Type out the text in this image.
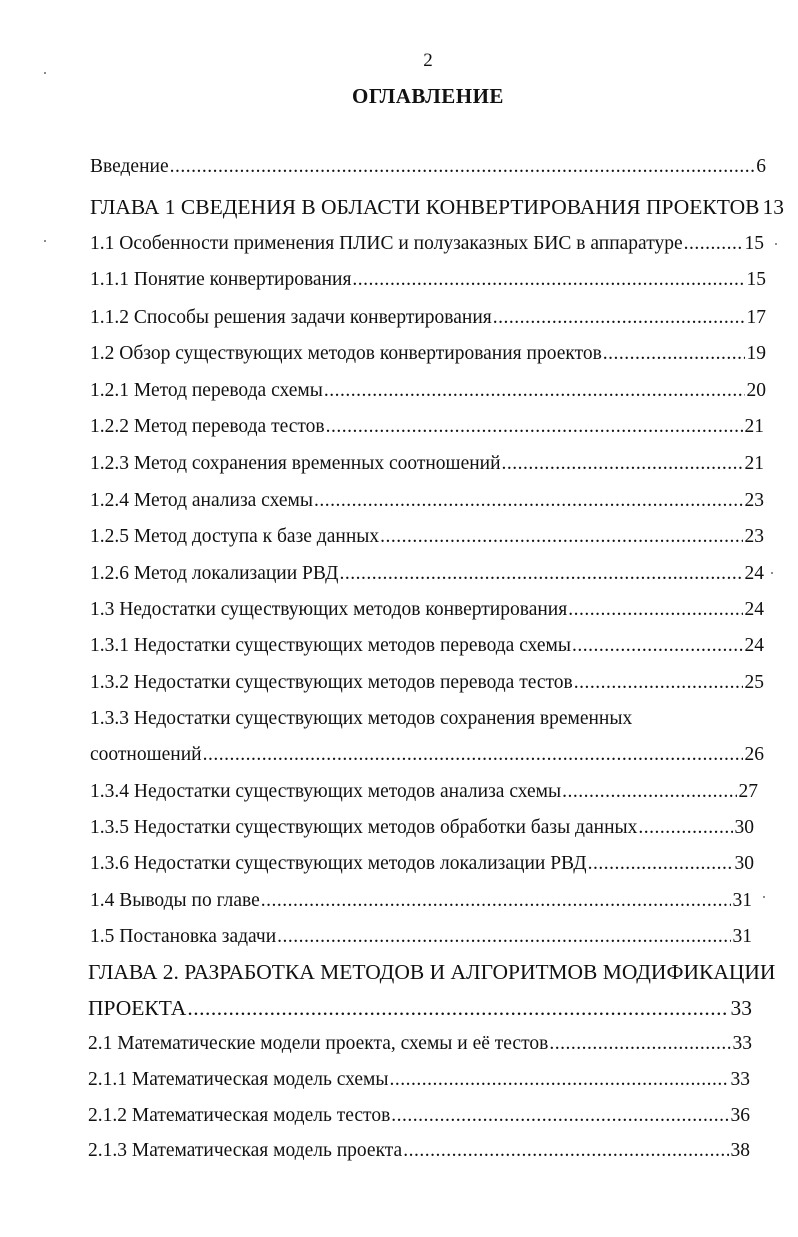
2
ОГЛАВЛЕНИЕ
Введение .....	6
ГЛАВА 1 СВЕДЕНИЯ В ОБЛАСТИ КОНВЕРТИРОВАНИЯ ПРОЕКТОВ 13
1.1 Особенности применения ПЛИС и полузаказных БИС в аппаратуре .....	15
1.1.1 Понятие конвертирования .....	15
1.1.2 Способы решения задачи конвертирования .....	17
1.2 Обзор существующих методов конвертирования проектов .....	19
1.2.1 Метод перевода схемы .....	20
1.2.2 Метод перевода тестов .....	21
1.2.3 Метод сохранения временных соотношений .....	21
1.2.4 Метод анализа схемы .....	23
1.2.5 Метод доступа к базе данных .....	23
1.2.6 Метод локализации РВД .....	24
1.3 Недостатки существующих методов конвертирования .....	24
1.3.1 Недостатки существующих методов перевода схемы .....	24
1.3.2 Недостатки существующих методов перевода тестов .....	25
1.3.3 Недостатки существующих методов сохранения временных
соотношений .....	26
1.3.4 Недостатки существующих методов анализа схемы .....	27
1.3.5 Недостатки существующих методов обработки базы данных .....	30
1.3.6 Недостатки существующих методов локализации РВД .....	30
1.4 Выводы по главе .....	31
1.5 Постановка задачи .....	31
ГЛАВА 2. РАЗРАБОТКА МЕТОДОВ И АЛГОРИТМОВ МОДИФИКАЦИИ
ПРОЕКТА .....	33
2.1 Математические модели проекта, схемы и её тестов .....	33
2.1.1 Математическая модель схемы .....	33
2.1.2 Математическая модель тестов .....	36
2.1.3 Математическая модель проекта .....	38
